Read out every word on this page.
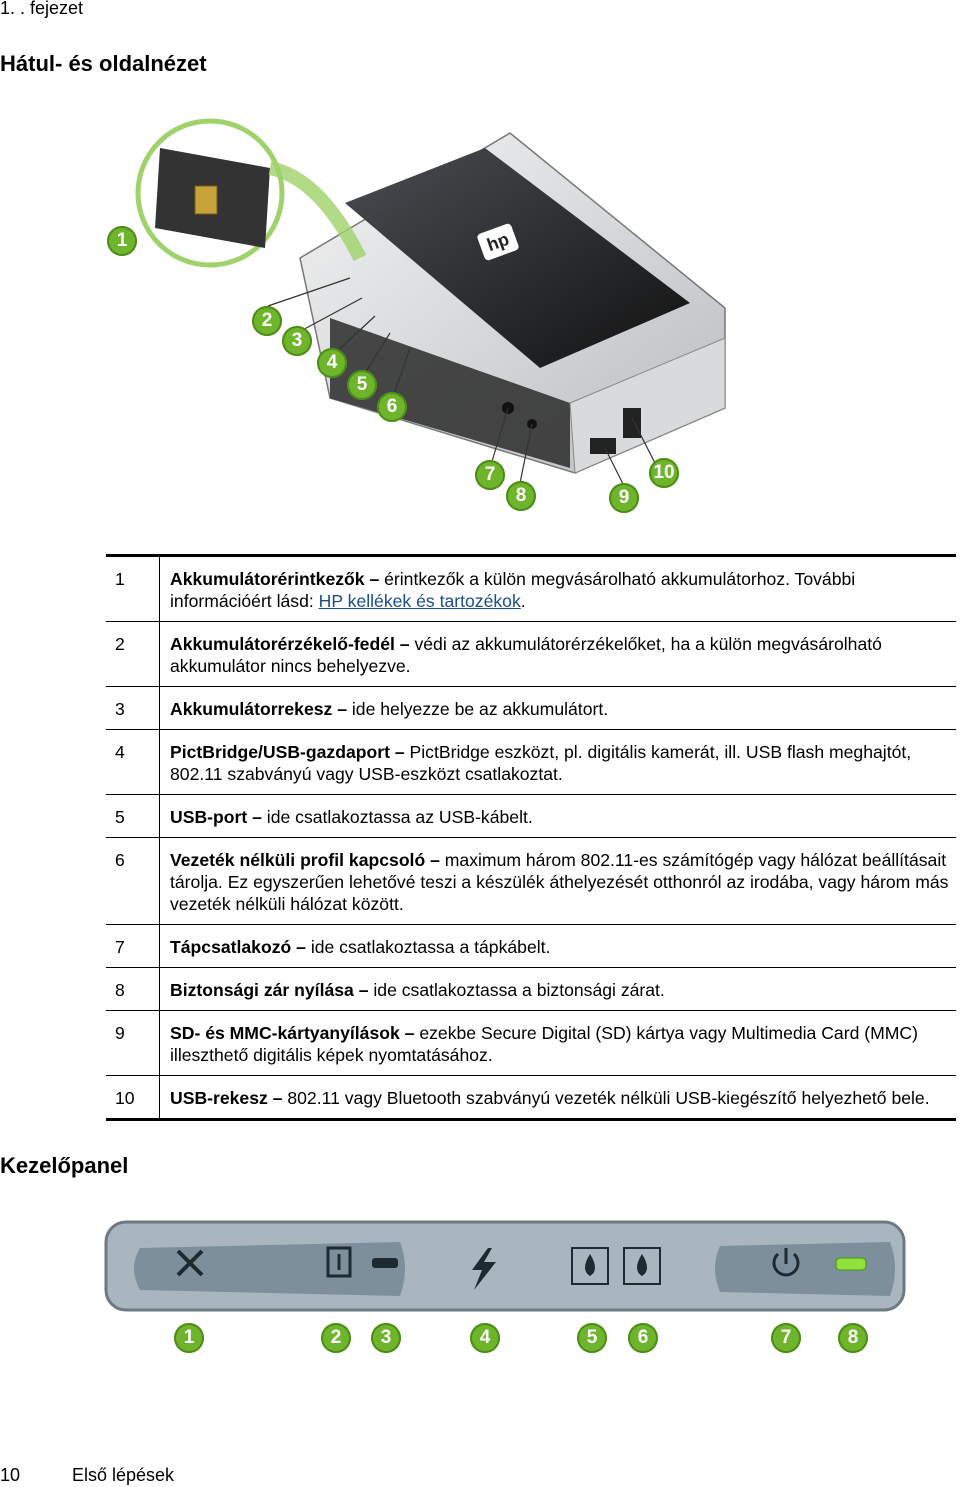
1. . fejezet
Hátul- és oldalnézet
hp
1
2
3
4
5
6
7
8	9
10
1	Akkumulátorérintkezők – érintkezők a külön megvásárolható akkumulátorhoz. További információért lásd: HP kellékek és tartozékok.
2	Akkumulátorérzékelő-fedél – védi az akkumulátorérzékelőket, ha a külön megvásárolható akkumulátor nincs behelyezve.
3	Akkumulátorrekesz – ide helyezze be az akkumulátort.
4	PictBridge/USB-gazdaport – PictBridge eszközt, pl. digitális kamerát, ill. USB flash meghajtót, 802.11 szabványú vagy USB-eszközt csatlakoztat.
5	USB-port – ide csatlakoztassa az USB-kábelt.
6	Vezeték nélküli profil kapcsoló – maximum három 802.11-es számítógép vagy hálózat beállításait tárolja. Ez egyszerűen lehetővé teszi a készülék áthelyezését otthonról az irodába, vagy három más vezeték nélküli hálózat között.
7	Tápcsatlakozó – ide csatlakoztassa a tápkábelt.
8	Biztonsági zár nyílása – ide csatlakoztassa a biztonsági zárat.
9	SD- és MMC-kártyanyílások – ezekbe Secure Digital (SD) kártya vagy Multimedia Card (MMC) illeszthető digitális képek nyomtatásához.
10	USB-rekesz – 802.11 vagy Bluetooth szabványú vezeték nélküli USB-kiegészítő helyezhető bele.
Kezelőpanel
1	2	3	4	5	6	7	8
10	Első lépések
